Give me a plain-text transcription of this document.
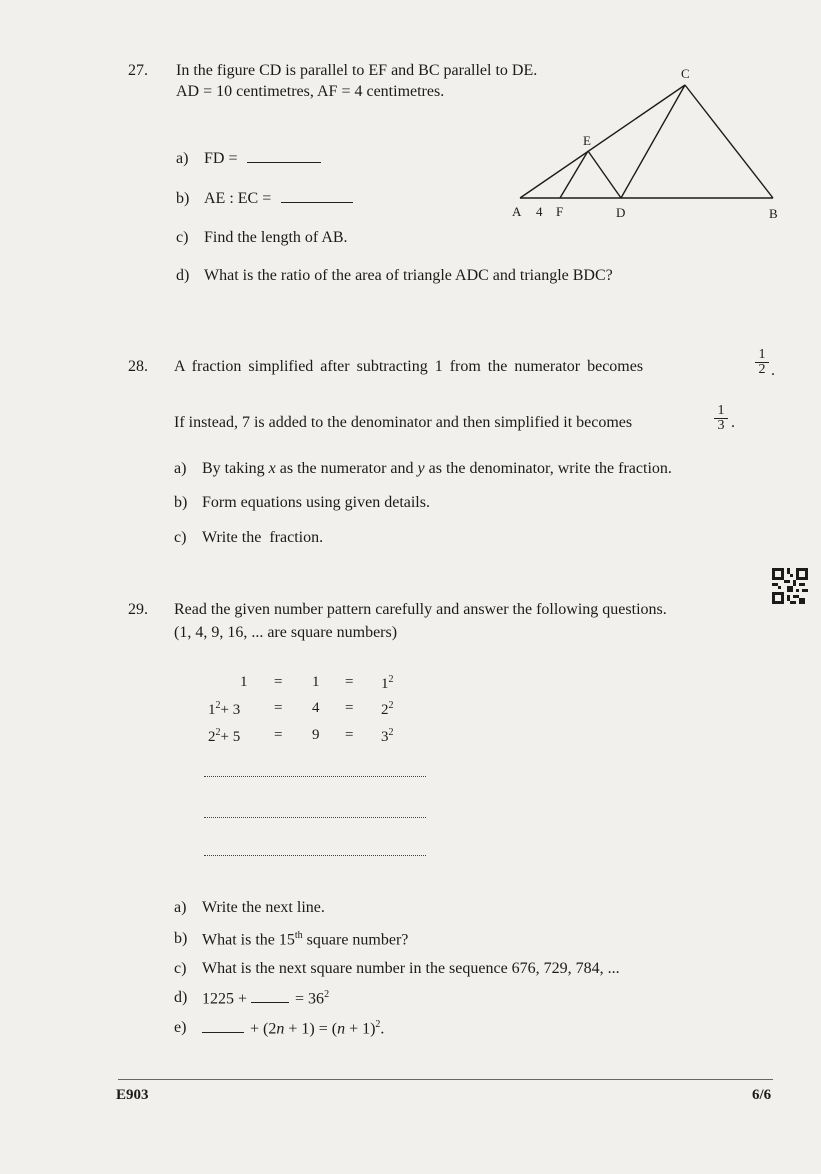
27. In the figure CD is parallel to EF and BC parallel to DE.
AD = 10 centimetres, AF = 4 centimetres.
a) FD =
b) AE : EC =
c) Find the length of AB.
d) What is the ratio of the area of triangle ADC and triangle BDC?
C
E
A 4 F	D	B
28. A fraction simplified after subtracting 1 from the numerator becomes	$\frac{1}{2}$ .
If instead, 7 is added to the denominator and then simplified it becomes	$\frac{1}{3}$ .
a) By taking x as the numerator and y as the denominator, write the fraction.
b) Form equations using given details.
c) Write the  fraction.
29. Read the given number pattern carefully and answer the following questions.
(1, 4, 9, 16, ... are square numbers)
$1 = 1 = 1^2$
$1^2+ 3 = 4 = 2^2$
$2^2+ 5 = 9 = 3^2$
a) Write the next line.
b) What is the 15th square number?
c) What is the next square number in the sequence 676, 729, 784, ...
d) 1225 +	= $36^2$
e)	+ $(2n + 1) = (n + 1)^2$.
E903	6/6
